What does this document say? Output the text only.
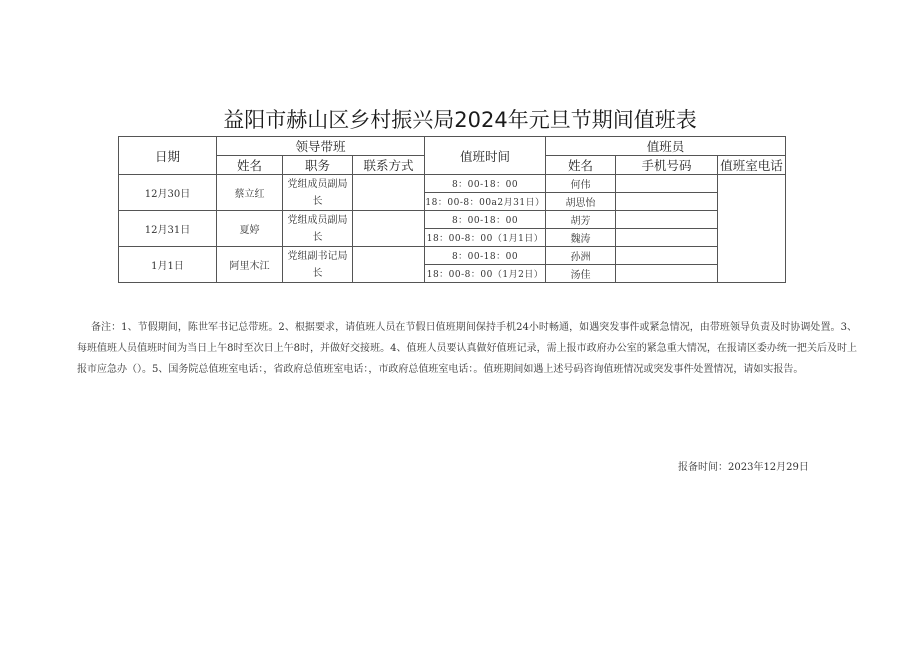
益阳市赫山区乡村振兴局2024年元旦节期间值班表
日期	领导带班			值班时间	值班员		
	姓名	职务	联系方式		姓名	手机号码	值班室电话
12月30日	蔡立红	党组成员副局长		8：00-18：00	何伟		
				18：00-8：00a2月31日）	胡思怡		
12月31日	夏婷	党组成员副局长		8：00-18：00	胡芳		
				18：00-8：00（1月1日）	魏涛		
1月1日	阿里木江	党组副书记局长		8：00-18：00	孙洲		
				18：00-8：00（1月2日）	汤佳		
备注：1、节假期间，陈世军书记总带班。2、根据要求，请值班人员在节假日值班期间保持手机24小时畅通，如遇突发事件或紧急情况，由带班领导负责及时协调处置。3、每班值班人员值班时间为当日上午8时至次日上午8时，并做好交接班。4、值班人员要认真做好值班记录，需上报市政府办公室的紧急重大情况，在报请区委办统一把关后及时上报市应急办（）。5、国务院总值班室电话：，省政府总值班室电话：，市政府总值班室电话：。值班期间如遇上述号码咨询值班情况或突发事件处置情况，请如实报告。
报备时间：2023年12月29日
